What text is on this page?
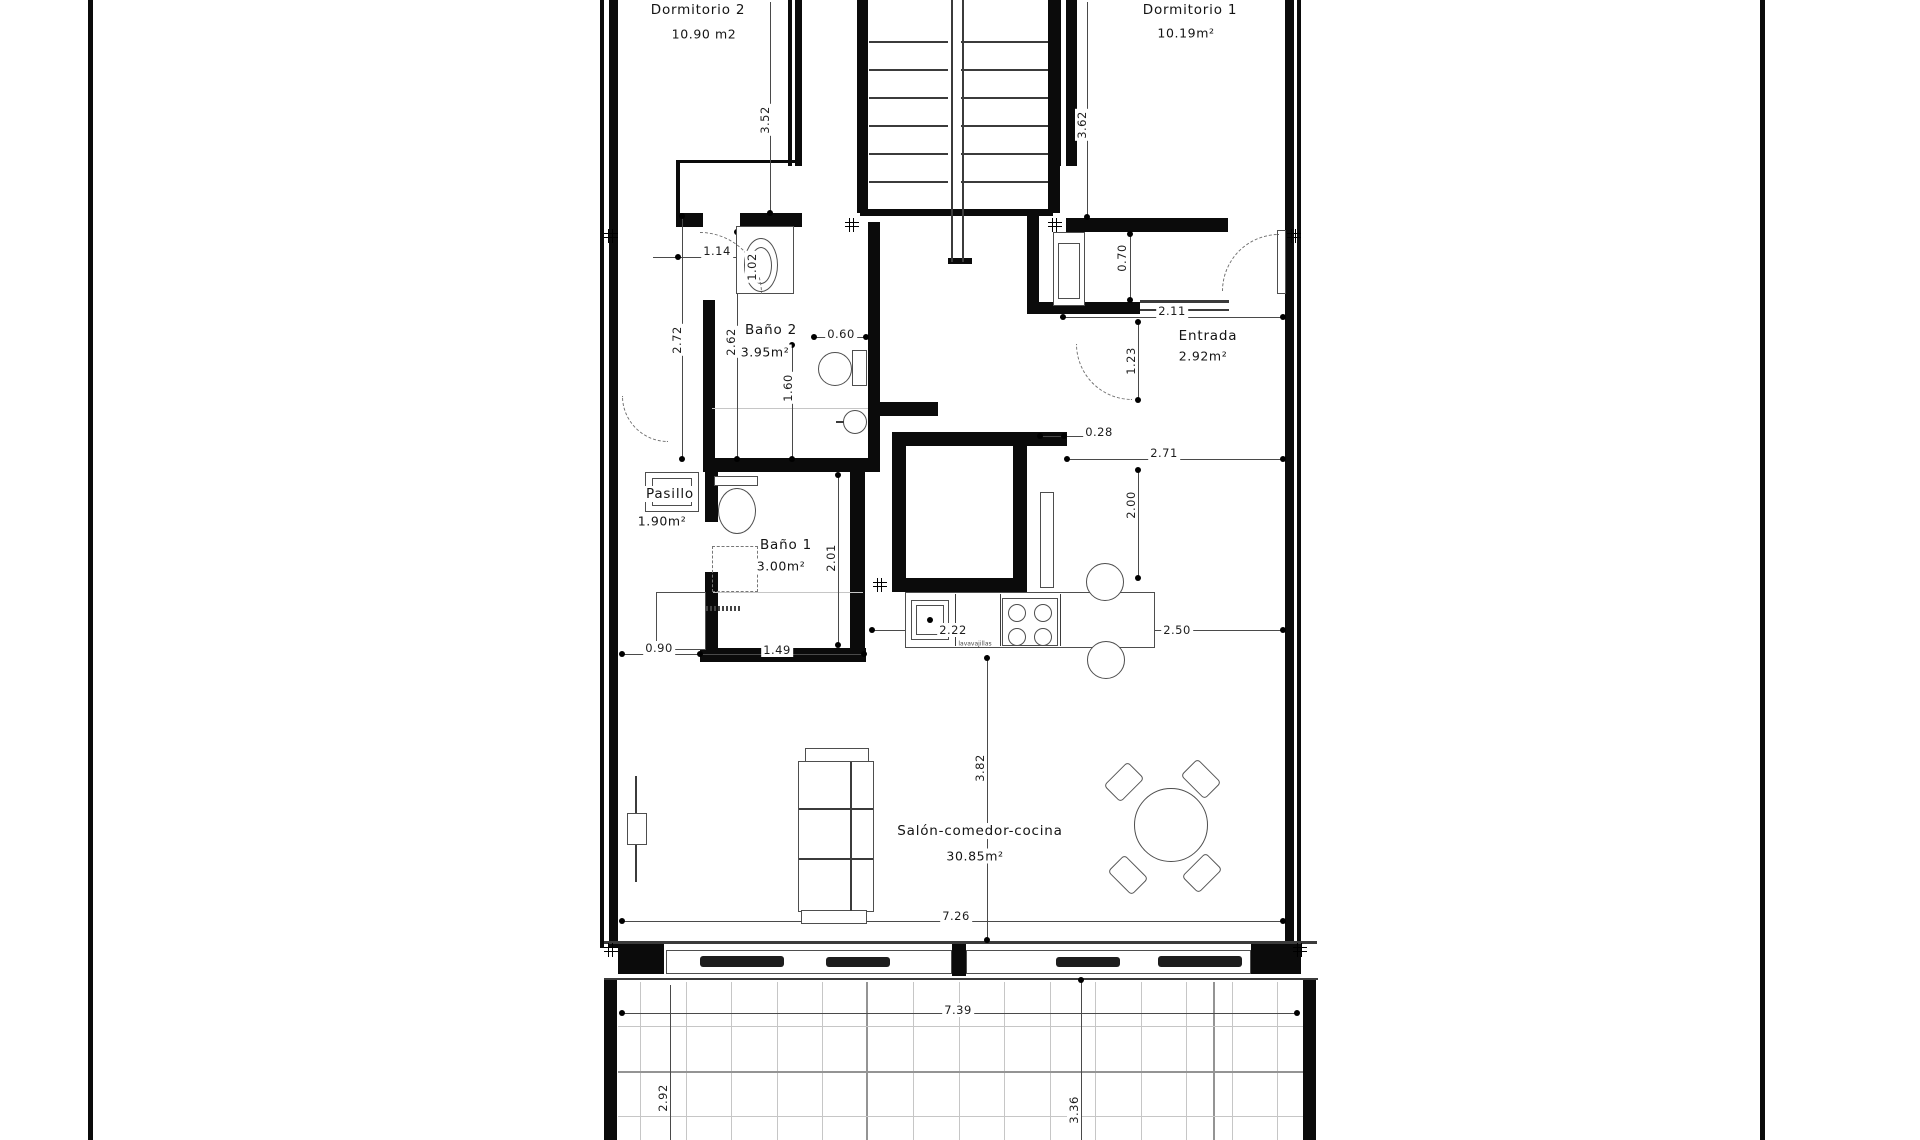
Dormitorio 2
10.90 m2
Dormitorio 1
10.19m²
Baño 2
3.95m²
Entrada
2.92m²
Pasillo
1.90m²
Baño 1
3.00m²
Salón-comedor-cocina
30.85m²
3.52	3.62
1.14
1.02
2.72	2.62
1.60
0.60
0.70
2.11
1.23
0.28
2.71
2.00
2.22	2.50
2.01
0.90	1.49
3.82
7.26
7.39
2.92	3.36
lavavajillas
